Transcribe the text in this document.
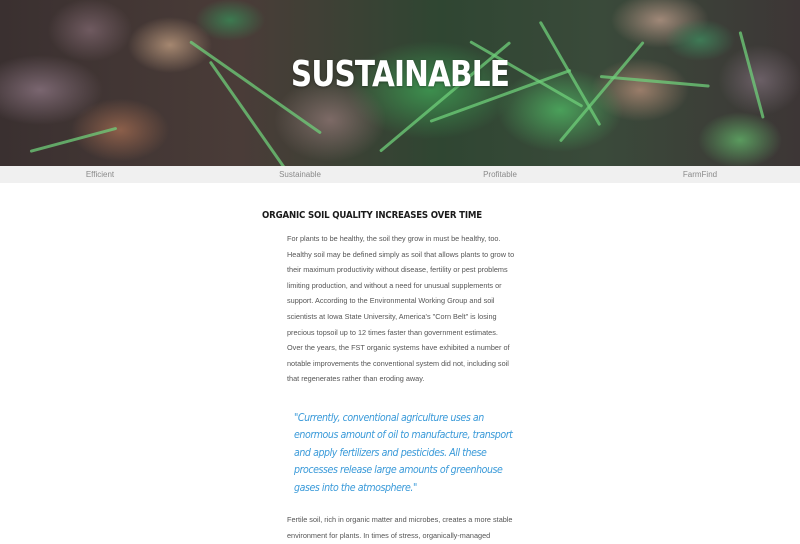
SUSTAINABLE
Efficient	Sustainable	Profitable	FarmFind
ORGANIC SOIL QUALITY INCREASES OVER TIME

For plants to be healthy, the soil they grow in must be healthy, too. Healthy soil may be defined simply as soil that allows plants to grow to their maximum productivity without disease, fertility or pest problems limiting production, and without a need for unusual supplements or support. According to the Environmental Working Group and soil scientists at Iowa State University, America's "Corn Belt" is losing precious topsoil up to 12 times faster than government estimates. Over the years, the FST organic systems have exhibited a number of notable improvements the conventional system did not, including soil that regenerates rather than eroding away.

"Currently, conventional agriculture uses an enormous amount of oil to manufacture, transport and apply fertilizers and pesticides. All these processes release large amounts of greenhouse gases into the atmosphere."

Fertile soil, rich in organic matter and microbes, creates a more stable environment for plants. In times of stress, organically-managed
